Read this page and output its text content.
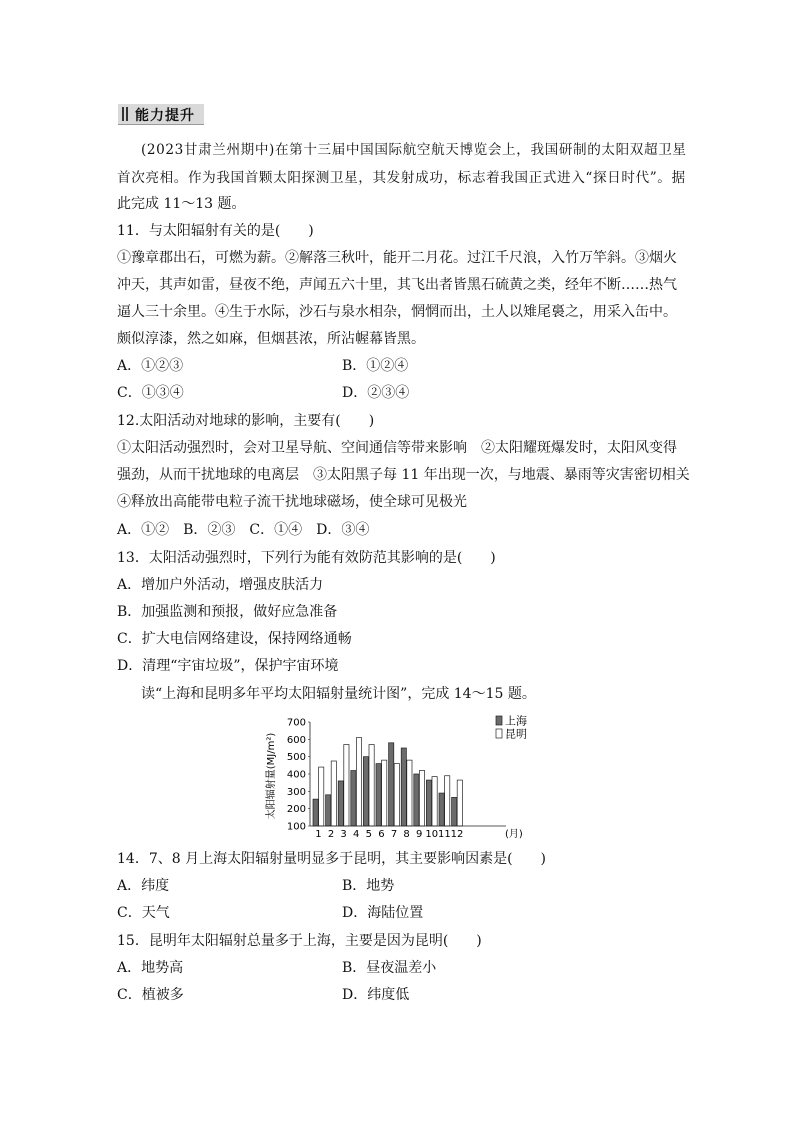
能力提升
(2023甘肃兰州期中)在第十三届中国国际航空航天博览会上，我国研制的太阳双超卫星
首次亮相。作为我国首颗太阳探测卫星，其发射成功，标志着我国正式进入“探日时代”。据
此完成 11～13 题。
11．与太阳辐射有关的是(　　)
①豫章郡出石，可燃为薪。②解落三秋叶，能开二月花。过江千尺浪，入竹万竿斜。③烟火
冲天，其声如雷，昼夜不绝，声闻五六十里，其飞出者皆黑石硫黄之类，经年不断……热气
逼人三十余里。④生于水际，沙石与泉水相杂，惘惘而出，土人以雉尾裛之，用采入缶中。
颇似淳漆，然之如麻，但烟甚浓，所沾幄幕皆黑。
A．①②③	B．①②④
C．①③④	D．②③④
12.太阳活动对地球的影响，主要有(　　)
①太阳活动强烈时，会对卫星导航、空间通信等带来影响　②太阳耀斑爆发时，太阳风变得
强劲，从而干扰地球的电离层　③太阳黑子每 11 年出现一次，与地震、暴雨等灾害密切相关
④释放出高能带电粒子流干扰地球磁场，使全球可见极光
A．①②　B．②③　C．①④　D．③④
13．太阳活动强烈时，下列行为能有效防范其影响的是(　　)
A．增加户外活动，增强皮肤活力
B．加强监测和预报，做好应急准备
C．扩大电信网络建设，保持网络通畅
D．清理“宇宙垃圾”，保护宇宙环境
读“上海和昆明多年平均太阳辐射量统计图”，完成 14～15 题。
太阳辐射量(MJ/m²)
100
200
300
400
500
600
700
1 2 3 4 5 6 7 8 9 10 11 12	(月)
上海
昆明
14．7、8 月上海太阳辐射量明显多于昆明，其主要影响因素是(　　)
A．纬度	B．地势
C．天气	D．海陆位置
15．昆明年太阳辐射总量多于上海，主要是因为昆明(　　)
A．地势高	B．昼夜温差小
C．植被多	D．纬度低
